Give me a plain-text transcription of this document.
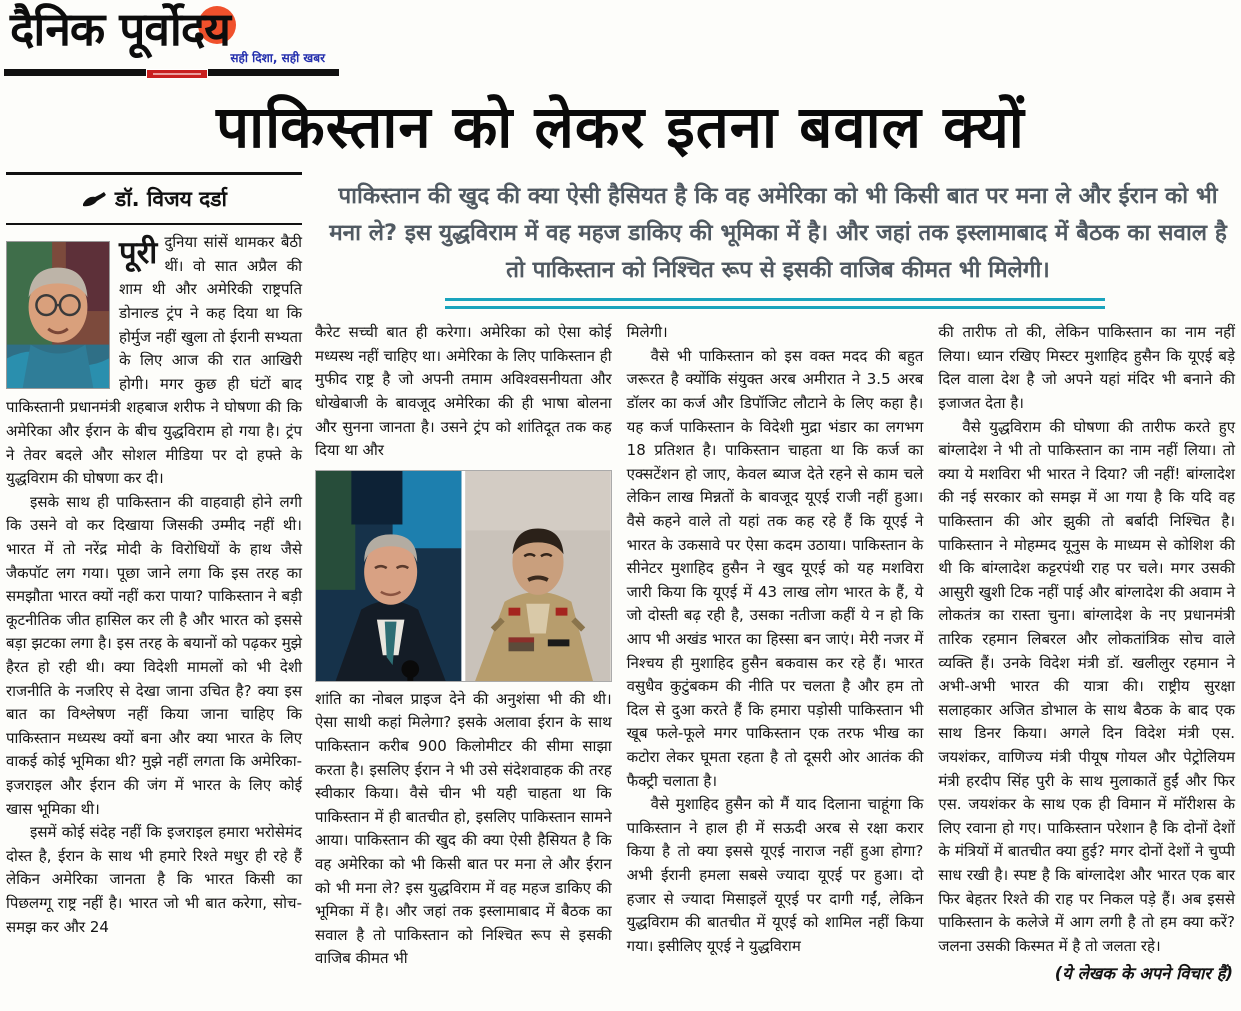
दैनिक पूर्वोदय
सही दिशा, सही खबर
पाकिस्तान को लेकर इतना बवाल क्यों
डॉ. विजय दर्डा
पूरी दुनिया सांसें थामकर बैठी थीं। वो सात अप्रैल की शाम थी और अमेरिकी राष्ट्रपति डोनाल्ड ट्रंप ने कह दिया था कि होर्मुज नहीं खुला तो ईरानी सभ्यता के लिए आज की रात आखिरी होगी। मगर कुछ ही घंटों बाद पाकिस्तानी प्रधानमंत्री शहबाज शरीफ ने घोषणा की कि अमेरिका और ईरान के बीच युद्धविराम हो गया है। ट्रंप ने तेवर बदले और सोशल मीडिया पर दो हफ्ते के युद्धविराम की घोषणा कर दी।

इसके साथ ही पाकिस्तान की वाहवाही होने लगी कि उसने वो कर दिखाया जिसकी उम्मीद नहीं थी। भारत में तो नरेंद्र मोदी के विरोधियों के हाथ जैसे जैकपॉट लग गया। पूछा जाने लगा कि इस तरह का समझौता भारत क्यों नहीं करा पाया? पाकिस्तान ने बड़ी कूटनीतिक जीत हासिल कर ली है और भारत को इससे बड़ा झटका लगा है। इस तरह के बयानों को पढ़कर मुझे हैरत हो रही थी। क्या विदेशी मामलों को भी देशी राजनीति के नजरिए से देखा जाना उचित है? क्या इस बात का विश्लेषण नहीं किया जाना चाहिए कि पाकिस्तान मध्यस्थ क्यों बना और क्या भारत के लिए वाकई कोई भूमिका थी? मुझे नहीं लगता कि अमेरिका-इजराइल और ईरान की जंग में भारत के लिए कोई खास भूमिका थी।

इसमें कोई संदेह नहीं कि इजराइल हमारा भरोसेमंद दोस्त है, ईरान के साथ भी हमारे रिश्ते मधुर ही रहे हैं लेकिन अमेरिका जानता है कि भारत किसी का पिछलग्गू राष्ट्र नहीं है। भारत जो भी बात करेगा, सोच-समझ कर और 24

पाकिस्तान की खुद की क्या ऐसी हैसियत है कि वह अमेरिका को भी किसी बात पर मना ले और ईरान को भी मना ले? इस युद्धविराम में वह महज डाकिए की भूमिका में है। और जहां तक इस्लामाबाद में बैठक का सवाल है तो पाकिस्तान को निश्चित रूप से इसकी वाजिब कीमत भी मिलेगी।

कैरेट सच्ची बात ही करेगा। अमेरिका को ऐसा कोई मध्यस्थ नहीं चाहिए था। अमेरिका के लिए पाकिस्तान ही मुफीद राष्ट्र है जो अपनी तमाम अविश्वसनीयता और धोखेबाजी के बावजूद अमेरिका की ही भाषा बोलना और सुनना जानता है। उसने ट्रंप को शांतिदूत तक कह दिया था और

शांति का नोबल प्राइज देने की अनुशंसा भी की थी। ऐसा साथी कहां मिलेगा? इसके अलावा ईरान के साथ पाकिस्तान करीब 900 किलोमीटर की सीमा साझा करता है। इसलिए ईरान ने भी उसे संदेशवाहक की तरह स्वीकार किया। वैसे चीन भी यही चाहता था कि पाकिस्तान में ही बातचीत हो, इसलिए पाकिस्तान सामने आया। पाकिस्तान की खुद की क्या ऐसी हैसियत है कि वह अमेरिका को भी किसी बात पर मना ले और ईरान को भी मना ले? इस युद्धविराम में वह महज डाकिए की भूमिका में है। और जहां तक इस्लामाबाद में बैठक का सवाल है तो पाकिस्तान को निश्चित रूप से इसकी वाजिब कीमत भी

मिलेगी।

वैसे भी पाकिस्तान को इस वक्त मदद की बहुत जरूरत है क्योंकि संयुक्त अरब अमीरात ने 3.5 अरब डॉलर का कर्ज और डिपॉजिट लौटाने के लिए कहा है। यह कर्ज पाकिस्तान के विदेशी मुद्रा भंडार का लगभग 18 प्रतिशत है। पाकिस्तान चाहता था कि कर्ज का एक्सटेंशन हो जाए, केवल ब्याज देते रहने से काम चले लेकिन लाख मिन्नतों के बावजूद यूएई राजी नहीं हुआ। वैसे कहने वाले तो यहां तक कह रहे हैं कि यूएई ने भारत के उकसावे पर ऐसा कदम उठाया। पाकिस्तान के सीनेटर मुशाहिद हुसैन ने खुद यूएई को यह मशविरा जारी किया कि यूएई में 43 लाख लोग भारत के हैं, ये जो दोस्ती बढ़ रही है, उसका नतीजा कहीं ये न हो कि आप भी अखंड भारत का हिस्सा बन जाएं। मेरी नजर में निश्चय ही मुशाहिद हुसैन बकवास कर रहे हैं। भारत वसुधैव कुटुंबकम की नीति पर चलता है और हम तो दिल से दुआ करते हैं कि हमारा पड़ोसी पाकिस्तान भी खूब फले-फूले मगर पाकिस्तान एक तरफ भीख का कटोरा लेकर घूमता रहता है तो दूसरी ओर आतंक की फैक्ट्री चलाता है।

वैसे मुशाहिद हुसैन को मैं याद दिलाना चाहूंगा कि पाकिस्तान ने हाल ही में सऊदी अरब से रक्षा करार किया है तो क्या इससे यूएई नाराज नहीं हुआ होगा? अभी ईरानी हमला सबसे ज्यादा यूएई पर हुआ। दो हजार से ज्यादा मिसाइलें यूएई पर दागी गईं, लेकिन युद्धविराम की बातचीत में यूएई को शामिल नहीं किया गया। इसीलिए यूएई ने युद्धविराम

की तारीफ तो की, लेकिन पाकिस्तान का नाम नहीं लिया। ध्यान रखिए मिस्टर मुशाहिद हुसैन कि यूएई बड़े दिल वाला देश है जो अपने यहां मंदिर भी बनाने की इजाजत देता है।

वैसे युद्धविराम की घोषणा की तारीफ करते हुए बांग्लादेश ने भी तो पाकिस्तान का नाम नहीं लिया। तो क्या ये मशविरा भी भारत ने दिया? जी नहीं! बांग्लादेश की नई सरकार को समझ में आ गया है कि यदि वह पाकिस्तान की ओर झुकी तो बर्बादी निश्चित है। पाकिस्तान ने मोहम्मद यूनुस के माध्यम से कोशिश की थी कि बांग्लादेश कट्टरपंथी राह पर चले। मगर उसकी आसुरी खुशी टिक नहीं पाई और बांग्लादेश की अवाम ने लोकतंत्र का रास्ता चुना। बांग्लादेश के नए प्रधानमंत्री तारिक रहमान लिबरल और लोकतांत्रिक सोच वाले व्यक्ति हैं। उनके विदेश मंत्री डॉ. खलीलुर रहमान ने अभी-अभी भारत की यात्रा की। राष्ट्रीय सुरक्षा सलाहकार अजित डोभाल के साथ बैठक के बाद एक साथ डिनर किया। अगले दिन विदेश मंत्री एस. जयशंकर, वाणिज्य मंत्री पीयूष गोयल और पेट्रोलियम मंत्री हरदीप सिंह पुरी के साथ मुलाकातें हुईं और फिर एस. जयशंकर के साथ एक ही विमान में मॉरीशस के लिए रवाना हो गए। पाकिस्तान परेशान है कि दोनों देशों के मंत्रियों में बातचीत क्या हुई? मगर दोनों देशों ने चुप्पी साध रखी है। स्पष्ट है कि बांग्लादेश और भारत एक बार फिर बेहतर रिश्ते की राह पर निकल पड़े हैं। अब इससे पाकिस्तान के कलेजे में आग लगी है तो हम क्या करें? जलना उसकी किस्मत में है तो जलता रहे।

(ये लेखक के अपने विचार हैं)
